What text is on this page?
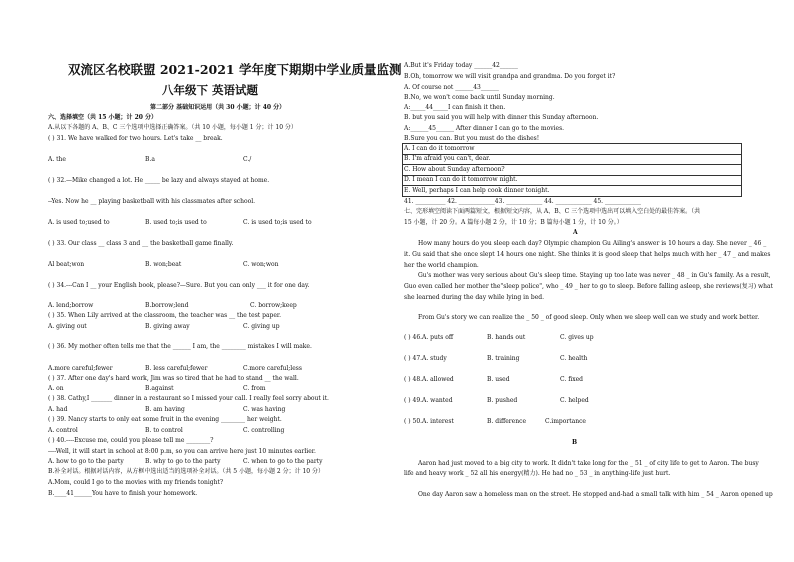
双流区名校联盟 2021-2021 学年度下期期中学业质量监测
八年级下 英语试题
第二部分 基础知识运用（共 30 小题；计 40 分）
六、选择填空（共 15 小题；计 20 分）
A.从以下各题的 A、B、C 三个选项中选择正确答案。（共 10 小题，每小题 1 分；计 10 分）
( ) 31. We have walked for two hours. Let's take __ break.
A. the	B.a	C./
( ) 32.—Mike changed a lot. He _____ be lazy and always stayed at home.
--Yes. Now he __ playing basketball with his classmates after school.
A. is used to;used to	B. used to;is used to	C. is used to;is used to
( ) 33. Our class __ class 3 and __ the basketball game finally.
Al beat;won	B. won;beat	C. won;won
( ) 34.---Can I __ your English book, please?—Sure. But you can only ___ it for one day.
A. lend;borrow	B.borrow;lend	C. borrow;keep
( ) 35. When Lily arrived at the classroom, the teacher was __ the test paper.
A. giving out	B. giving away	C. giving up
( ) 36. My mother often tells me that the ______ I am, the ________ mistakes I will make.
A.more careful;fewer	B. less careful;fewer	C.more careful;less
( ) 37. After one day's hard work, Jim was so tired that he had to stand __ the wall.
A. on	B.against	C. from
( ) 38. Cathy,I _______ dinner in a restaurant so I missed your call. I really feel sorry about it.
A. had	B. am having	C. was having
( ) 39. Nancy starts to only eat some fruit in the evening ________ her weight.
A. control	B. to control	C. controlling
( ) 40.----Excuse me, could you please tell me ________?
----Well, it will start in school at 8:00 p.m, so you can arrive here just 10 minutes earlier.
A. how to go to the party	B. why to go to the party	C. when to go to the party
B.补全对话。根据对话内容，从方框中选出适当的选项补全对话。（共 5 小题，每小题 2 分；计 10 分）
A.Mom, could I go to the movies with my friends tonight?
B.____41______You have to finish your homework.
A.But it's Friday today ______42______
B.Oh, tomorrow we will visit grandpa and grandma. Do you forget it?
A. Of course not ______43______
B.No, we won't come back until Sunday morning.
A:_____44_____I can finish it then.
B. but you said you will help with dinner this Sunday afternoon.
A:______45______ After dinner I can go to the movies.
B.Sure you can. But you must do the dishes!
A. I can do it tomorrow
B. I'm afraid you can't, dear.
C. How about Sunday afternoon?
D. I mean I can do it tomorrow night.
E. Well, perhaps I can help cook dinner tonight.
41. __________ 42. ____________43. ____________ 44. ____________ 45. ____________
七、完形填空阅读下面两篇短文，根据短文内容，从 A、B、C 三个选项中选出可以填入空白处的最佳答案。（共
15 小题，计 20 分。A 篇每小题 2 分，计 10 分；B 篇每小题 1 分，计 10 分。）
A
How many hours do you sleep each day? Olympic champion Gu Ailing's answer is 10 hours a day. She never _ 46 _
it. Gu said that she once slept 14 hours one night. She thinks it is good sleep that helps much with her _ 47 _ and makes
her the world champion.
Gu's mother was very serious about Gu's sleep time. Staying up too late was never _ 48 _ in Gu's family. As a result,
Guo even called her mother the"sleep police", who _ 49 _ her to go to sleep. Before falling asleep, she reviews(复习) what
she learned during the day while lying in bed.
From Gu's story we can realize the _ 50 _ of good sleep. Only when we sleep well can we study and work better.
( ) 46.A. puts off	B. hands out	C. gives up
( ) 47.A. study	B. training	C. health
( ) 48.A. allowed	B. used	C. fixed
( ) 49.A. wanted	B. pushed	C. helped
( ) 50.A. interest	B. difference	C.importance
B
Aaron had just moved to a big city to work. It didn't take long for the _ 51 _ of city life to get to Aaron. The busy
life and heavy work _ 52 all his energy(精力). He had no _ 53 _ in anything-life just hurt.
One day Aaron saw a homeless man on the street. He stopped and-had a small talk with him _ 54 _ Aaron opened up
